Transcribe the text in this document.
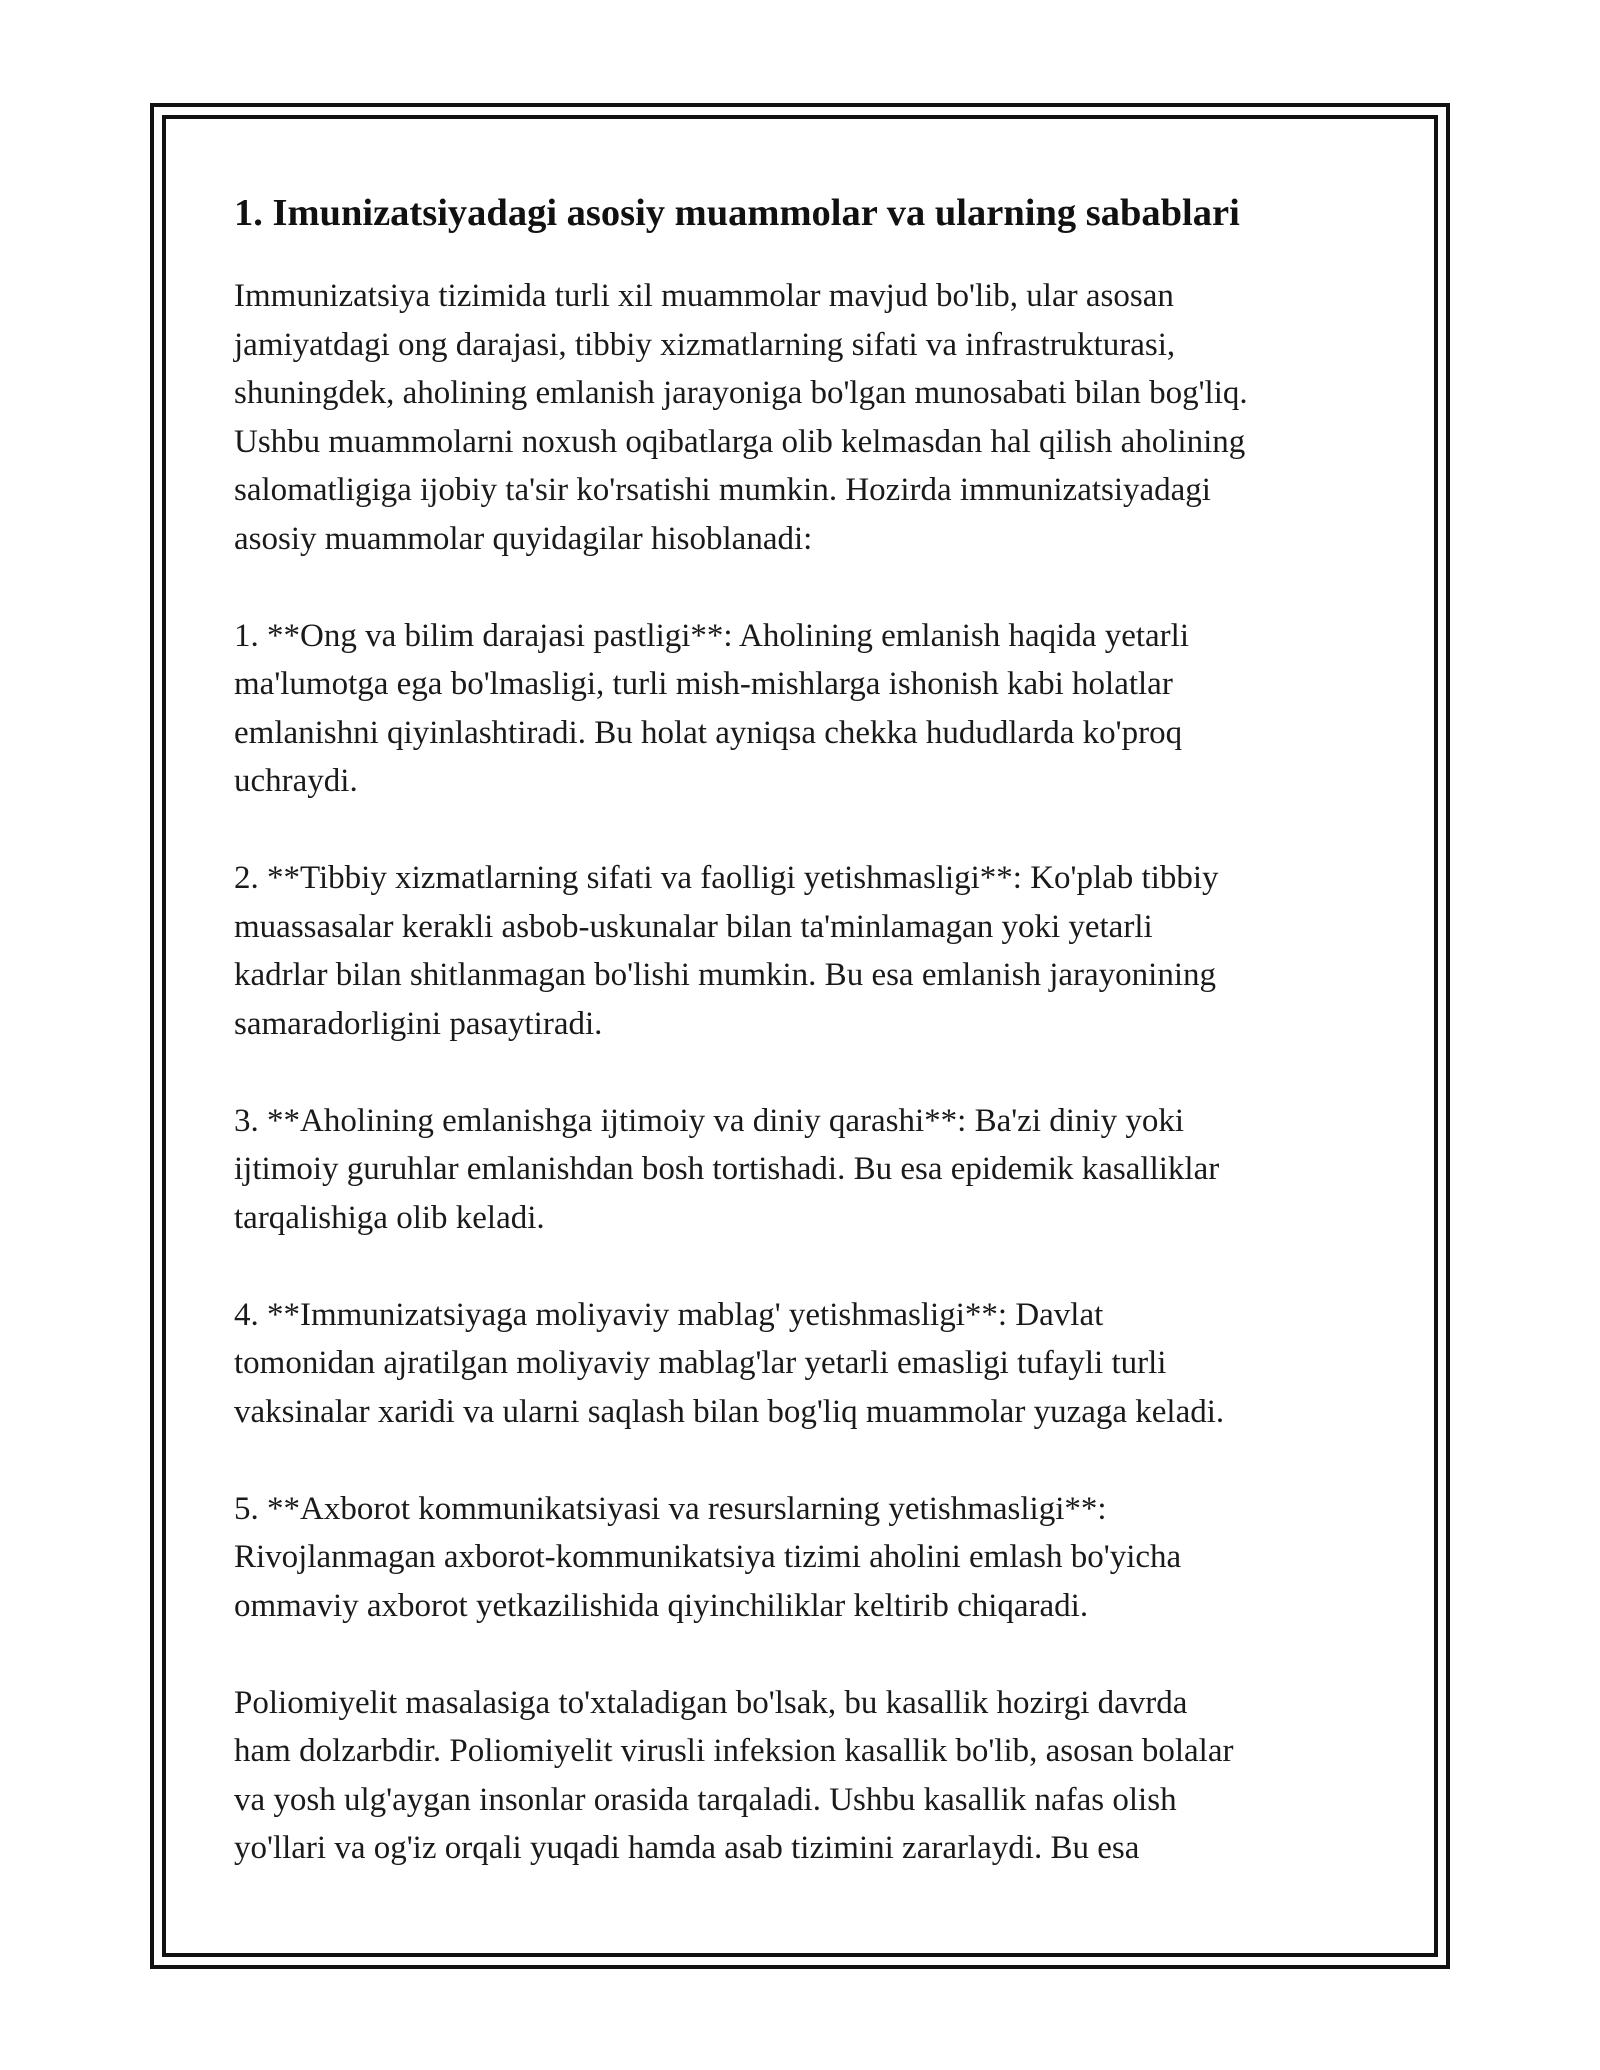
1. Imunizatsiyadagi asosiy muammolar va ularning sabablari

Immunizatsiya tizimida turli xil muammolar mavjud bo'lib, ular asosan
jamiyatdagi ong darajasi, tibbiy xizmatlarning sifati va infrastrukturasi,
shuningdek, aholining emlanish jarayoniga bo'lgan munosabati bilan bog'liq.
Ushbu muammolarni noxush oqibatlarga olib kelmasdan hal qilish aholining
salomatligiga ijobiy ta'sir ko'rsatishi mumkin. Hozirda immunizatsiyadagi
asosiy muammolar quyidagilar hisoblanadi:

1. **Ong va bilim darajasi pastligi**: Aholining emlanish haqida yetarli
ma'lumotga ega bo'lmasligi, turli mish-mishlarga ishonish kabi holatlar
emlanishni qiyinlashtiradi. Bu holat ayniqsa chekka hududlarda ko'proq
uchraydi.

2. **Tibbiy xizmatlarning sifati va faolligi yetishmasligi**: Ko'plab tibbiy
muassasalar kerakli asbob-uskunalar bilan ta'minlamagan yoki yetarli
kadrlar bilan shitlanmagan bo'lishi mumkin. Bu esa emlanish jarayonining
samaradorligini pasaytiradi.

3. **Aholining emlanishga ijtimoiy va diniy qarashi**: Ba'zi diniy yoki
ijtimoiy guruhlar emlanishdan bosh tortishadi. Bu esa epidemik kasalliklar
tarqalishiga olib keladi.

4. **Immunizatsiyaga moliyaviy mablag' yetishmasligi**: Davlat
tomonidan ajratilgan moliyaviy mablag'lar yetarli emasligi tufayli turli
vaksinalar xaridi va ularni saqlash bilan bog'liq muammolar yuzaga keladi.

5. **Axborot kommunikatsiyasi va resurslarning yetishmasligi**:
Rivojlanmagan axborot-kommunikatsiya tizimi aholini emlash bo'yicha
ommaviy axborot yetkazilishida qiyinchiliklar keltirib chiqaradi.

Poliomiyelit masalasiga to'xtaladigan bo'lsak, bu kasallik hozirgi davrda
ham dolzarbdir. Poliomiyelit virusli infeksion kasallik bo'lib, asosan bolalar
va yosh ulg'aygan insonlar orasida tarqaladi. Ushbu kasallik nafas olish
yo'llari va og'iz orqali yuqadi hamda asab tizimini zararlaydi. Bu esa
